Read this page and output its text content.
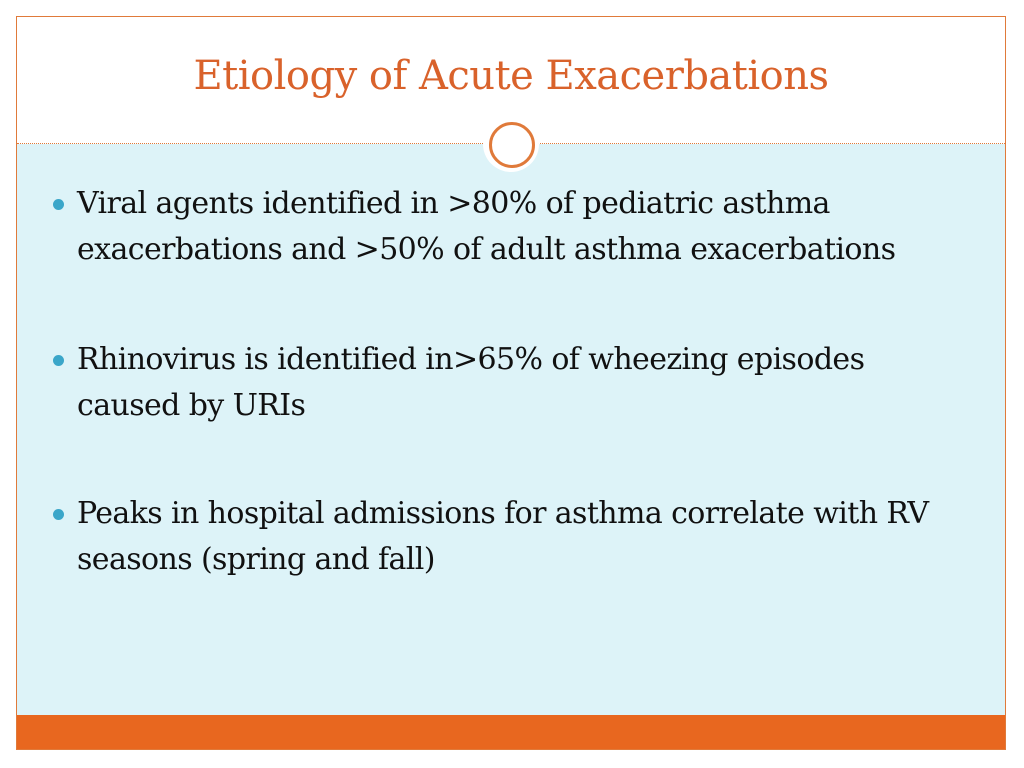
Etiology of Acute Exacerbations
Viral agents identified in >80% of pediatric asthma exacerbations and >50% of adult asthma exacerbations
Rhinovirus is identified in>65% of wheezing episodes caused by URIs
Peaks in hospital admissions for asthma correlate with RV seasons (spring and fall)
